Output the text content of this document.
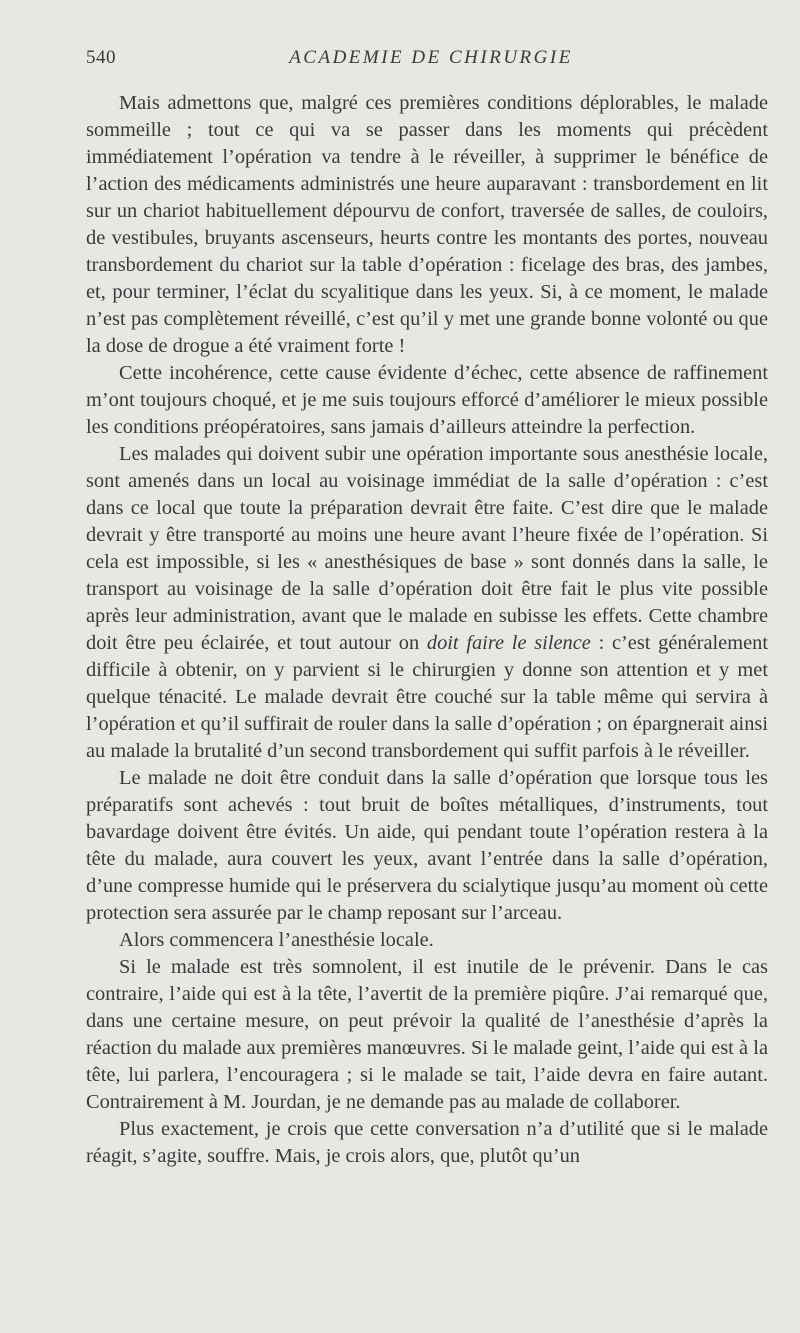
540	ACADEMIE DE CHIRURGIE

Mais admettons que, malgré ces premières conditions déplorables, le malade sommeille ; tout ce qui va se passer dans les moments qui précèdent immédiatement l’opération va tendre à le réveiller, à supprimer le bénéfice de l’action des médicaments administrés une heure auparavant : transbordement en lit sur un chariot habituellement dépourvu de confort, traversée de salles, de couloirs, de vestibules, bruyants ascenseurs, heurts contre les montants des portes, nouveau transbordement du chariot sur la table d’opération : ficelage des bras, des jambes, et, pour terminer, l’éclat du scyalitique dans les yeux. Si, à ce moment, le malade n’est pas complètement réveillé, c’est qu’il y met une grande bonne volonté ou que la dose de drogue a été vraiment forte !

Cette incohérence, cette cause évidente d’échec, cette absence de raffinement m’ont toujours choqué, et je me suis toujours efforcé d’améliorer le mieux possible les conditions préopératoires, sans jamais d’ailleurs atteindre la perfection.

Les malades qui doivent subir une opération importante sous anesthésie locale, sont amenés dans un local au voisinage immédiat de la salle d’opération : c’est dans ce local que toute la préparation devrait être faite. C’est dire que le malade devrait y être transporté au moins une heure avant l’heure fixée de l’opération. Si cela est impossible, si les « anesthésiques de base » sont donnés dans la salle, le transport au voisinage de la salle d’opération doit être fait le plus vite possible après leur administration, avant que le malade en subisse les effets. Cette chambre doit être peu éclairée, et tout autour on doit faire le silence : c’est généralement difficile à obtenir, on y parvient si le chirurgien y donne son attention et y met quelque ténacité. Le malade devrait être couché sur la table même qui servira à l’opération et qu’il suffirait de rouler dans la salle d’opération ; on épargnerait ainsi au malade la brutalité d’un second transbordement qui suffit parfois à le réveiller.

Le malade ne doit être conduit dans la salle d’opération que lorsque tous les préparatifs sont achevés : tout bruit de boîtes métalliques, d’instruments, tout bavardage doivent être évités. Un aide, qui pendant toute l’opération restera à la tête du malade, aura couvert les yeux, avant l’entrée dans la salle d’opération, d’une compresse humide qui le préservera du scialytique jusqu’au moment où cette protection sera assurée par le champ reposant sur l’arceau.

Alors commencera l’anesthésie locale.

Si le malade est très somnolent, il est inutile de le prévenir. Dans le cas contraire, l’aide qui est à la tête, l’avertit de la première piqûre. J’ai remarqué que, dans une certaine mesure, on peut prévoir la qualité de l’anesthésie d’après la réaction du malade aux premières manœuvres. Si le malade geint, l’aide qui est à la tête, lui parlera, l’encouragera ; si le malade se tait, l’aide devra en faire autant. Contrairement à M. Jourdan, je ne demande pas au malade de collaborer.

Plus exactement, je crois que cette conversation n’a d’utilité que si le malade réagit, s’agite, souffre. Mais, je crois alors, que, plutôt qu’un
